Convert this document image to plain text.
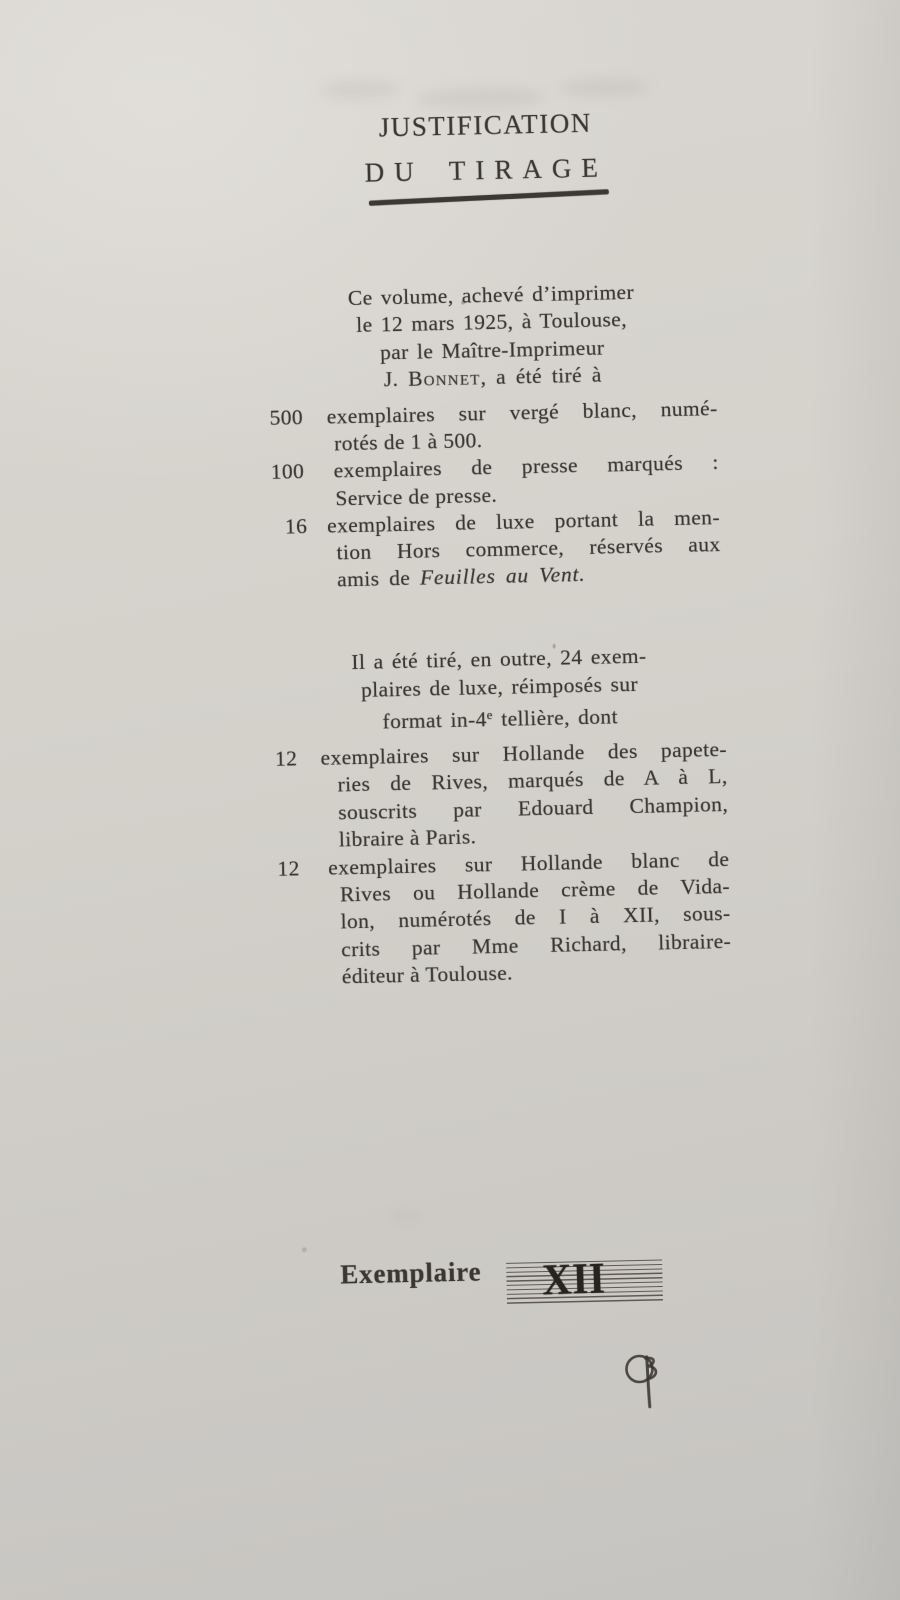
JUSTIFICATION
DU TIRAGE
Ce volume, achevé d’imprimer
le 12 mars 1925, à Toulouse,
par le Maître-Imprimeur
J. Bonnet, a été tiré à
500 exemplaires sur vergé blanc, numé-
rotés de 1 à 500.
100 exemplaires de presse marqués :
Service de presse.
16 exemplaires de luxe portant la men-
tion Hors commerce, réservés aux
amis de Feuilles au Vent.
Il a été tiré, en outre, 24 exem-
plaires de luxe, réimposés sur
format in-4e tellière, dont
12 exemplaires sur Hollande des papete-
ries de Rives, marqués de A à L,
souscrits par Edouard Champion,
libraire à Paris.
12 exemplaires sur Hollande blanc de
Rives ou Hollande crème de Vida-
lon, numérotés de I à XII, sous-
crits par Mme Richard, libraire-
éditeur à Toulouse.
Exemplaire XII
